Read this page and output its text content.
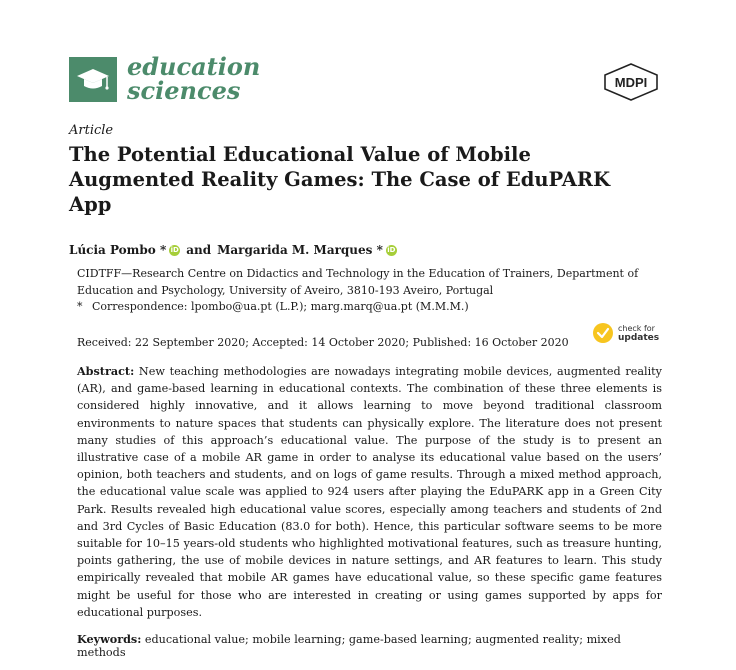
education
sciences	MDPI
Article
The Potential Educational Value of Mobile Augmented Reality Games: The Case of EduPARK App
Lúcia Pombo * iD and Margarida M. Marques * iD
CIDTFF—Research Centre on Didactics and Technology in the Education of Trainers, Department of Education and Psychology, University of Aveiro, 3810-193 Aveiro, Portugal
* Correspondence: lpombo@ua.pt (L.P.); marg.marq@ua.pt (M.M.M.)
Received: 22 September 2020; Accepted: 14 October 2020; Published: 16 October 2020
check for
updates

Abstract: New teaching methodologies are nowadays integrating mobile devices, augmented reality (AR), and game-based learning in educational contexts. The combination of these three elements is considered highly innovative, and it allows learning to move beyond traditional classroom environments to nature spaces that students can physically explore. The literature does not present many studies of this approach’s educational value. The purpose of the study is to present an illustrative case of a mobile AR game in order to analyse its educational value based on the users’ opinion, both teachers and students, and on logs of game results. Through a mixed method approach, the educational value scale was applied to 924 users after playing the EduPARK app in a Green City Park. Results revealed high educational value scores, especially among teachers and students of 2nd and 3rd Cycles of Basic Education (83.0 for both). Hence, this particular software seems to be more suitable for 10–15 years-old students who highlighted motivational features, such as treasure hunting, points gathering, the use of mobile devices in nature settings, and AR features to learn. This study empirically revealed that mobile AR games have educational value, so these specific game features might be useful for those who are interested in creating or using games supported by apps for educational purposes.

Keywords: educational value; mobile learning; game-based learning; augmented reality; mixed methods
